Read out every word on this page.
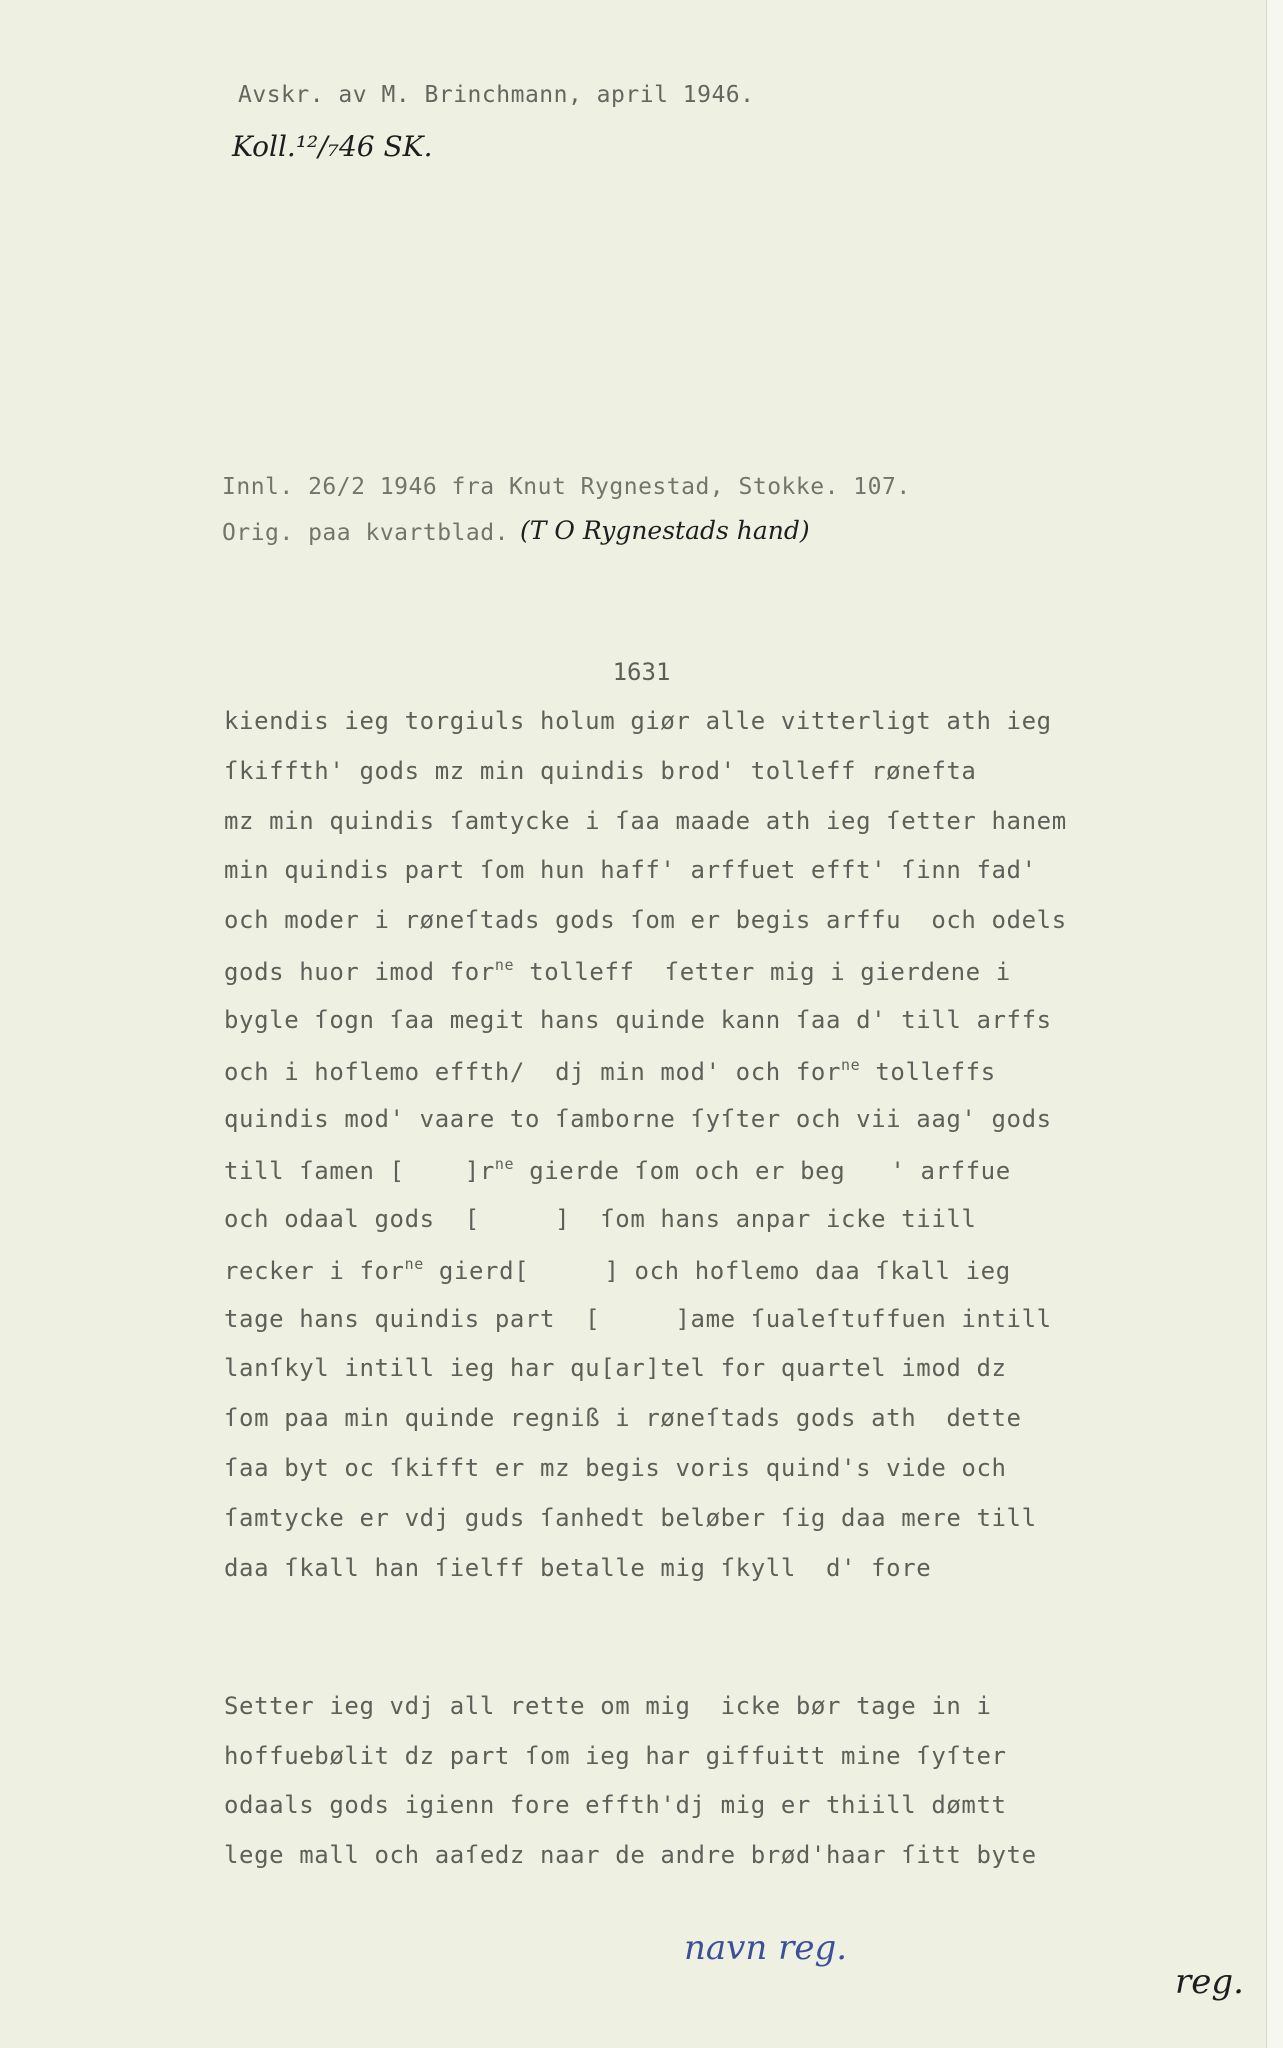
Avskr. av M. Brinchmann, april 1946.
Koll.¹²/₇46 SK.
Innl. 26/2 1946 fra Knut Rygnestad, Stokke. 107.
Orig. paa kvartblad. (T O Rygnestads hand)
1631
kiendis ieg torgiuls holum giør alle vitterligt ath ieg
ſkiffth' gods mz min quindis brod' tolleff rønefta
mz min quindis ſamtycke i ſaa maade ath ieg ſetter hanem
min quindis part ſom hun haff' arffuet efft' ſinn fad'
och moder i røneſtads gods ſom er begis arffu  och odels
gods huor imod for$^{ne}$ tolleff  ſetter mig i gierdene i
bygle ſogn ſaa megit hans quinde kann ſaa d' till arffs
och i hoflemo effth/  dj min mod' och for$^{ne}$ tolleffs
quindis mod' vaare to ſamborne ſyſter och vii aag' gods
till ſamen [    ]$r^{ne}$ gierde ſom och er beg   ' arffue
och odaal gods  [     ]  ſom hans anpar icke tiill
recker i for$^{ne}$ gierd[     ] och hoflemo daa ſkall ieg
tage hans quindis part  [     ]ame ſualeſtuffuen intill
lanſkyl intill ieg har qu[ar]tel for quartel imod dz
ſom paa min quinde regniß i røneſtads gods ath  dette
ſaa byt oc ſkifft er mz begis voris quind's vide och
ſamtycke er vdj guds ſanhedt beløber ſig daa mere till
daa ſkall han ſielff betalle mig ſkyll  d' fore
Setter ieg vdj all rette om mig  icke bør tage in i
hoffuebølit dz part ſom ieg har giffuitt mine ſyſter
odaals gods igienn fore effth'dj mig er thiill dømtt
lege mall och aaſedz naar de andre brød'haar ſitt byte
navn reg.
reg.
